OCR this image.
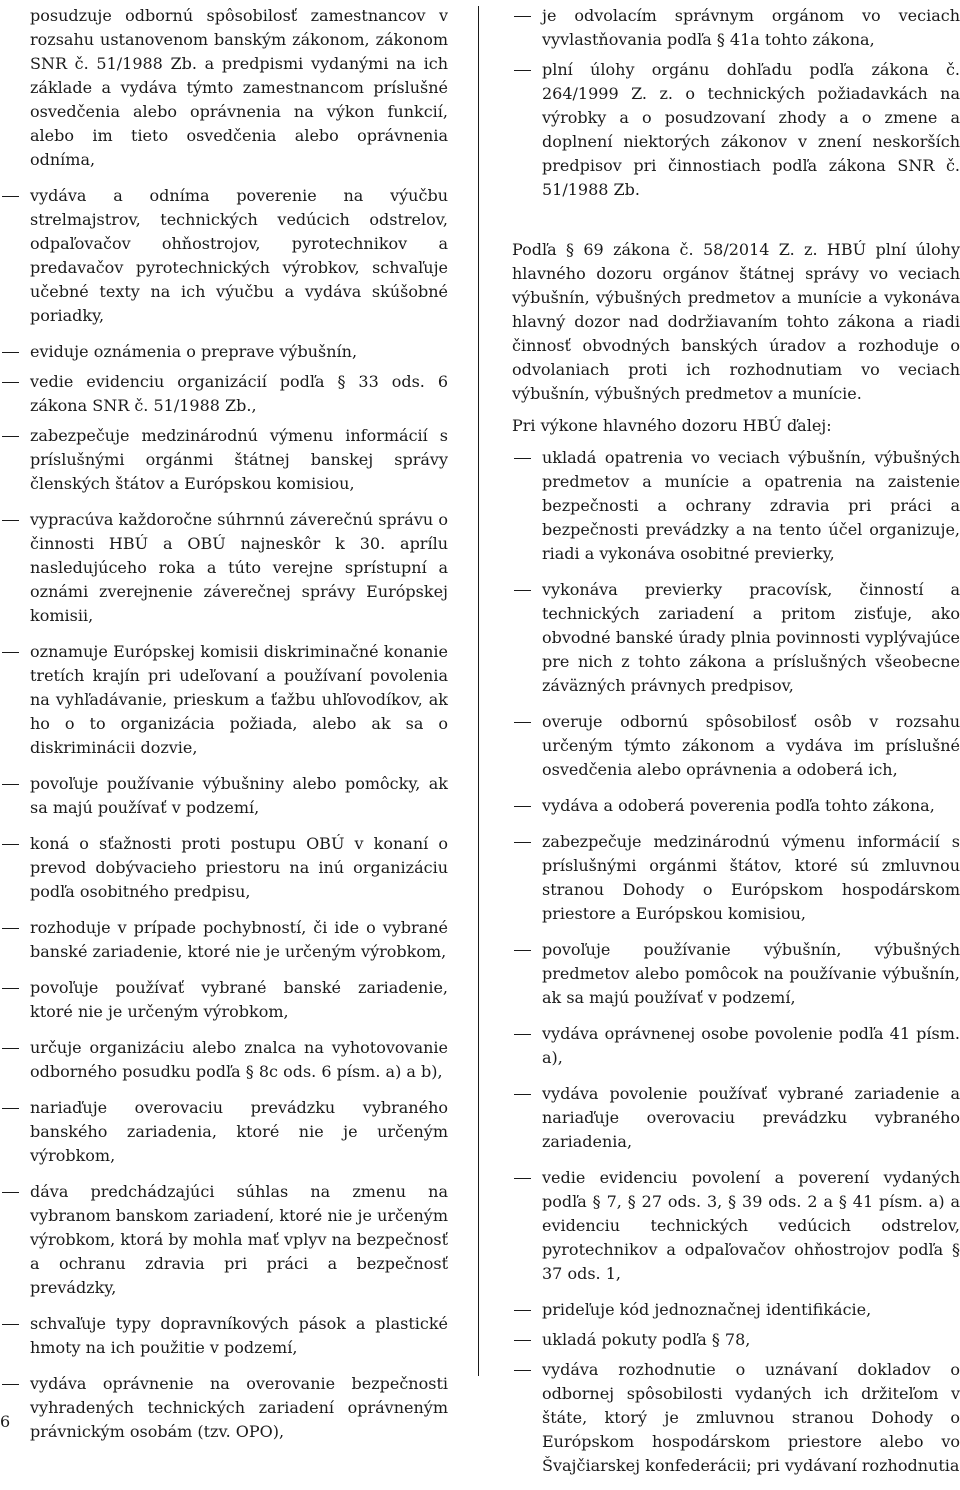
posudzuje odbornú spôsobilosť zamestnancov v rozsahu ustanovenom banským zákonom, zákonom SNR č. 51/1988 Zb. a predpismi vydanými na ich základe a vydáva týmto zamestnancom príslušné osvedčenia alebo oprávnenia na výkon funkcií, alebo im tieto osvedčenia alebo oprávnenia odníma,
vydáva a odníma poverenie na výučbu strelmajstrov, technických vedúcich odstrelov, odpaľovačov ohňostrojov, pyrotechnikov a predavačov pyrotechnických výrobkov, schvaľuje učebné texty na ich výučbu a vydáva skúšobné poriadky,
eviduje oznámenia o preprave výbušnín,
vedie evidenciu organizácií podľa § 33 ods. 6 zákona SNR č. 51/1988 Zb.,
zabezpečuje medzinárodnú výmenu informácií s príslušnými orgánmi štátnej banskej správy členských štátov a Európskou komisiou,
vypracúva každoročne súhrnnú záverečnú správu o činnosti HBÚ a OBÚ najneskôr k 30. aprílu nasledujúceho roka a túto verejne sprístupní a oznámi zverejnenie záverečnej správy Európskej komisii,
oznamuje Európskej komisii diskriminačné konanie tretích krajín pri udeľovaní a používaní povolenia na vyhľadávanie, prieskum a ťažbu uhľovodíkov, ak ho o to organizácia požiada, alebo ak sa o diskriminácii dozvie,
povoľuje používanie výbušniny alebo pomôcky, ak sa majú používať v podzemí,
koná o sťažnosti proti postupu OBÚ v konaní o prevod dobývacieho priestoru na inú organizáciu podľa osobitného predpisu,
rozhoduje v prípade pochybností, či ide o vybrané banské zariadenie, ktoré nie je určeným výrobkom,
povoľuje používať vybrané banské zariadenie, ktoré nie je určeným výrobkom,
určuje organizáciu alebo znalca na vyhotovovanie odborného posudku podľa § 8c ods. 6 písm. a) a b),
nariaďuje overovaciu prevádzku vybraného banského zariadenia, ktoré nie je určeným výrobkom,
dáva predchádzajúci súhlas na zmenu na vybranom banskom zariadení, ktoré nie je určeným výrobkom, ktorá by mohla mať vplyv na bezpečnosť a ochranu zdravia pri práci a bezpečnosť prevádzky,
schvaľuje typy dopravníkových pások a plastické hmoty na ich použitie v podzemí,
vydáva oprávnenie na overovanie bezpečnosti vyhradených technických zariadení oprávneným právnickým osobám (tzv. OPO),
je odvolacím správnym orgánom vo veciach vyvlastňovania podľa § 41a tohto zákona,
plní úlohy orgánu dohľadu podľa zákona č. 264/1999 Z. z. o technických požiadavkách na výrobky a o posudzovaní zhody a o zmene a doplnení niektorých zákonov v znení neskorších predpisov pri činnostiach podľa zákona SNR č. 51/1988 Zb.

Podľa § 69 zákona č. 58/2014 Z. z. HBÚ plní úlohy hlavného dozoru orgánov štátnej správy vo veciach výbušnín, výbušných predmetov a munície a vykonáva hlavný dozor nad dodržiavaním tohto zákona a riadi činnosť obvodných banských úradov a rozhoduje o odvolaniach proti ich rozhodnutiam vo veciach výbušnín, výbušných predmetov a munície.

Pri výkone hlavného dozoru HBÚ ďalej:

ukladá opatrenia vo veciach výbušnín, výbušných predmetov a munície a opatrenia na zaistenie bezpečnosti a ochrany zdravia pri práci a bezpečnosti prevádzky a na tento účel organizuje, riadi a vykonáva osobitné previerky,
vykonáva previerky pracovísk, činností a technických zariadení a pritom zisťuje, ako obvodné banské úrady plnia povinnosti vyplývajúce pre nich z tohto zákona a príslušných všeobecne záväzných právnych predpisov,
overuje odbornú spôsobilosť osôb v rozsahu určeným týmto zákonom a vydáva im príslušné osvedčenia alebo oprávnenia a odoberá ich,
vydáva a odoberá poverenia podľa tohto zákona,
zabezpečuje medzinárodnú výmenu informácií s príslušnými orgánmi štátov, ktoré sú zmluvnou stranou Dohody o Európskom hospodárskom priestore a Európskou komisiou,
povoľuje používanie výbušnín, výbušných predmetov alebo pomôcok na používanie výbušnín, ak sa majú používať v podzemí,
vydáva oprávnenej osobe povolenie podľa 41 písm. a),
vydáva povolenie používať vybrané zariadenie a nariaďuje overovaciu prevádzku vybraného zariadenia,
vedie evidenciu povolení a poverení vydaných podľa § 7, § 27 ods. 3, § 39 ods. 2 a § 41 písm. a) a evidenciu technických vedúcich odstrelov, pyrotechnikov a odpaľovačov ohňostrojov podľa § 37 ods. 1,
prideľuje kód jednoznačnej identifikácie,
ukladá pokuty podľa § 78,
vydáva rozhodnutie o uznávaní dokladov o odbornej spôsobilosti vydaných ich držiteľom v štáte, ktorý je zmluvnou stranou Dohody o Európskom hospodárskom priestore alebo vo Švajčiarskej konfederácii; pri vydávaní rozhodnutia
6
